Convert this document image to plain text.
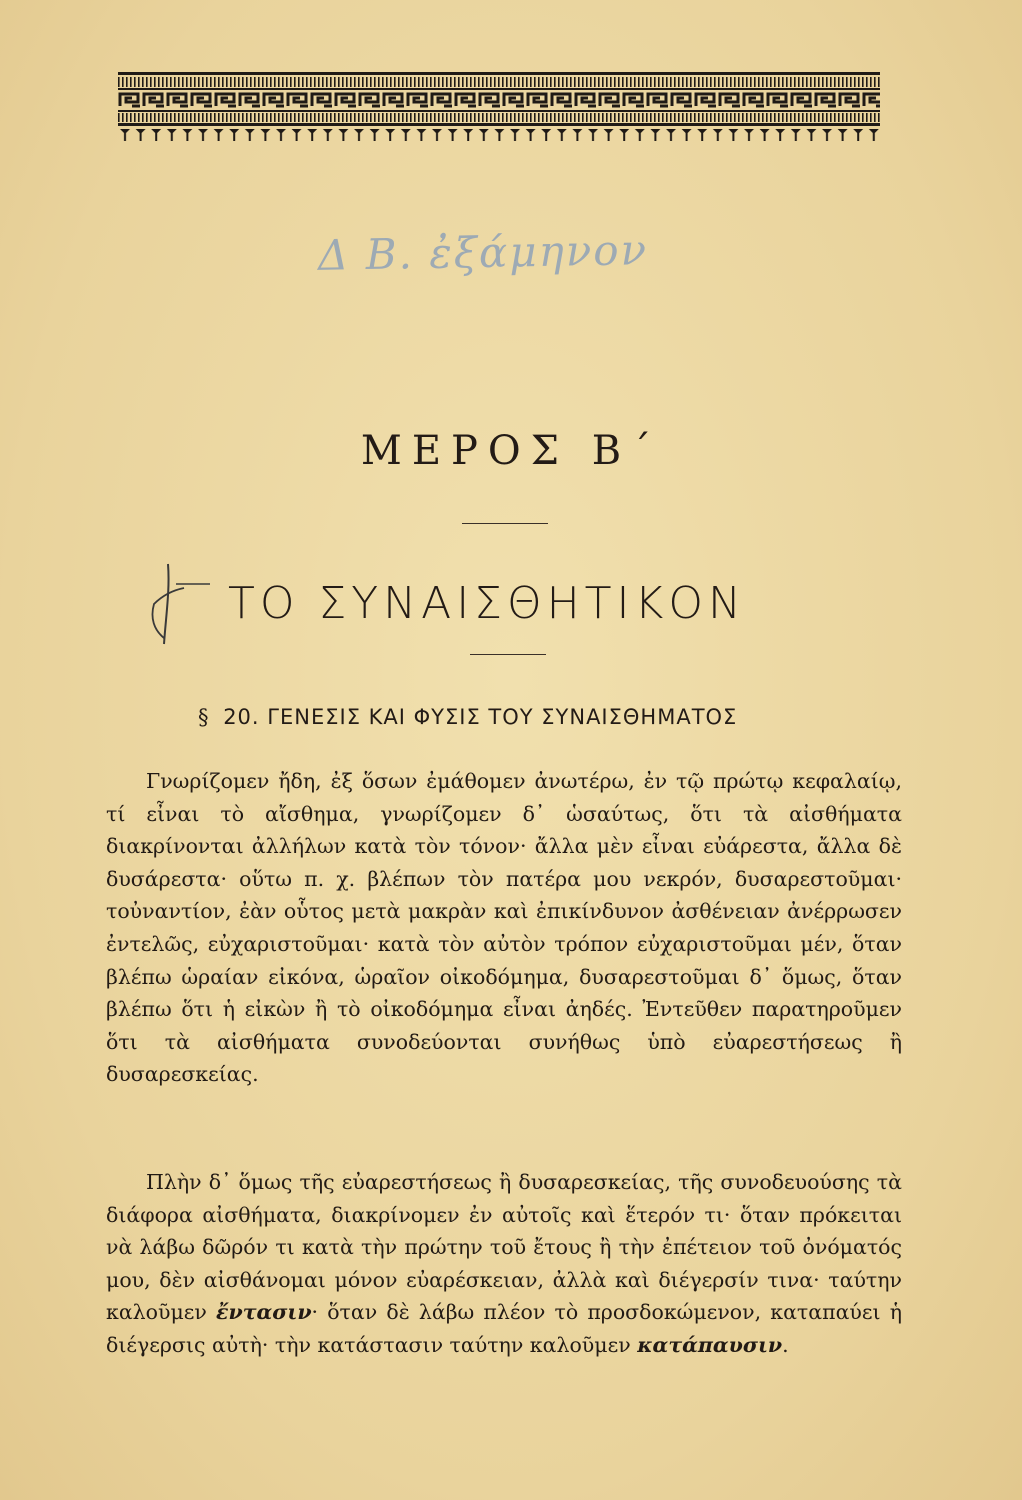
Δ Β. ἐξάμηνον
ΜΕΡΟΣ Β΄
ΤΟ ΣΥΝΑΙΣΘΗΤΙΚΟΝ
§ 20. ΓΕΝΕΣΙΣ ΚΑΙ ΦΥΣΙΣ ΤΟΥ ΣΥΝΑΙΣΘΗΜΑΤΟΣ
Γνωρίζομεν ἤδη, ἐξ ὅσων ἐμάθομεν ἀνωτέρω, ἐν τῷ πρώτῳ κεφαλαίῳ, τί εἶναι τὸ αἴσθημα, γνωρίζομεν δ᾿ ὡσαύτως, ὅτι τὰ αἰσθήματα διακρίνονται ἀλλήλων κατὰ τὸν τόνον· ἄλλα μὲν εἶναι εὐάρεστα, ἄλλα δὲ δυσάρεστα· οὕτω π. χ. βλέπων τὸν πατέρα μου νεκρόν, δυσαρεστοῦμαι· τοὐναντίον, ἐὰν οὗτος μετὰ μακρὰν καὶ ἐπικίνδυνον ἀσθένειαν ἀνέρρωσεν ἐντελῶς, εὐχαριστοῦμαι· κατὰ τὸν αὐτὸν τρόπον εὐχαριστοῦμαι μέν, ὅταν βλέπω ὡραίαν εἰκόνα, ὡραῖον οἰκοδόμημα, δυσαρεστοῦμαι δ᾿ ὅμως, ὅταν βλέπω ὅτι ἡ εἰκὼν ἢ τὸ οἰκοδόμημα εἶναι ἀηδές. Ἐντεῦθεν παρατηροῦμεν ὅτι τὰ αἰσθήματα συνοδεύονται συνήθως ὑπὸ εὐαρεστήσεως ἢ δυσαρεσκείας.
Πλὴν δ᾿ ὅμως τῆς εὐαρεστήσεως ἢ δυσαρεσκείας, τῆς συνοδευούσης τὰ διάφορα αἰσθήματα, διακρίνομεν ἐν αὐτοῖς καὶ ἕτερόν τι· ὅταν πρόκειται νὰ λάβω δῶρόν τι κατὰ τὴν πρώτην τοῦ ἔτους ἢ τὴν ἐπέτειον τοῦ ὀνόματός μου, δὲν αἰσθάνομαι μόνον εὐαρέσκειαν, ἀλλὰ καὶ διέγερσίν τινα· ταύτην καλοῦμεν ἔντασιν· ὅταν δὲ λάβω πλέον τὸ προσδοκώμενον, καταπαύει ἡ διέγερσις αὐτὴ· τὴν κατάστασιν ταύτην καλοῦμεν κατάπαυσιν.
